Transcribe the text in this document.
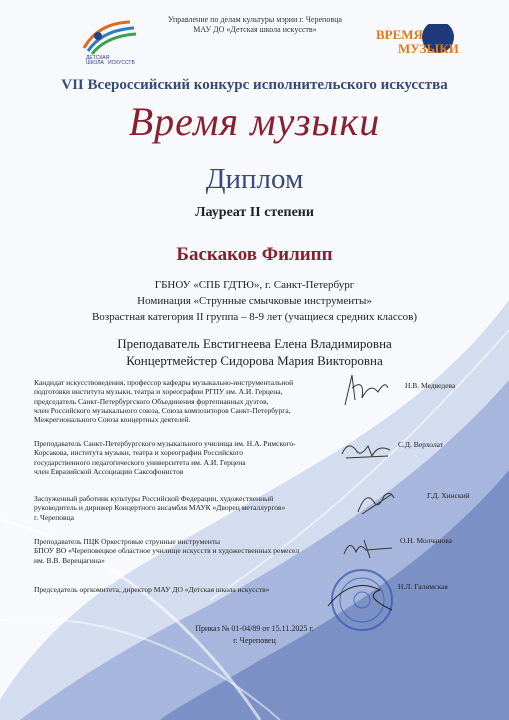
ДЕТСКАЯ
ШКОЛА ИСКУССТВ
Управление по делам культуры мэрии г. Череповца
МАУ ДО «Детская школа искусств»	ВРЕМЯ
МУЗЫКИ
VII Всероссийский конкурс исполнительского искусства
Время музыки
Диплом
Лауреат II степени
Баскаков Филипп
ГБНОУ «СПБ ГДТЮ», г. Санкт-Петербург
Номинация «Струнные смычковые инструменты»
Возрастная категория II группа – 8-9 лет (учащиеся средних классов)
Преподаватель Евстигнеева Елена Владимировна
Концертмейстер Сидорова Мария Викторовна
Кандидат искусствоведения, профессор кафедры музыкально-инструментальной
подготовки института музыки, театра и хореографии РГПУ им. А.И. Герцена,
председатель Санкт-Петербургского Объединения фортепианных дуэтов,
член Российского музыкального союза, Союза композиторов Санкт-Петербурга,
Межрегионального Союза концертных деятелей.
Н.В. Медведева
Преподаватель Санкт-Петербургского музыкального училища им. Н.А. Римского-
Корсакова, института музыки, театра и хореографии Российского
государственного педагогического университета им. А.И. Герцена
член Евразийской Ассоциации Саксофонистов
С.Д. Верхолат
Заслуженный работник культуры Российской Федерации, художественный
руководитель и дирижер Концертного ансамбля МАУК «Дворец металлургов»
г. Череповца
Г.Д. Хинский
Преподаватель ПЦК Оркестровые струнные инструменты
БПОУ ВО «Череповецкое областное училище искусств и художественных ремесел
им. В.В. Верещагина»
О.Н. Молчанова
Председатель оргкомитета, директор МАУ ДО «Детская школа искусств»	Н.Л. Галимская
Приказ № 01-04/89 от 15.11.2025 г.
г. Череповец
